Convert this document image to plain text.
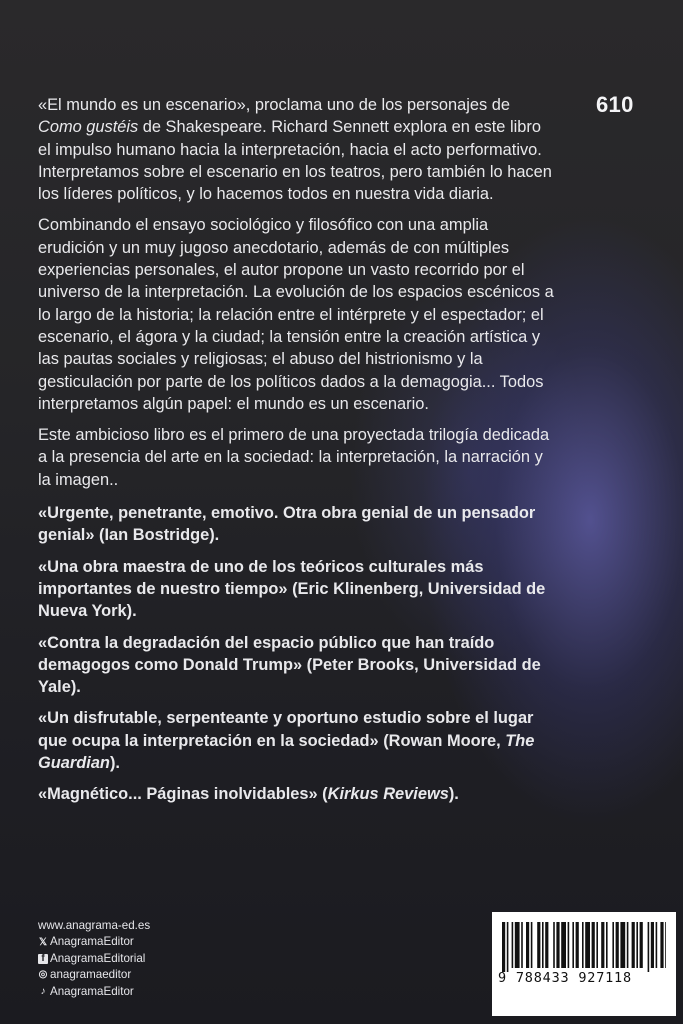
610

«El mundo es un escenario», proclama uno de los personajes de Como gustéis de Shakespeare. Richard Sennett explora en este libro el impulso humano hacia la interpretación, hacia el acto performativo. Interpretamos sobre el escenario en los teatros, pero también lo hacen los líderes políticos, y lo hacemos todos en nuestra vida diaria.

Combinando el ensayo sociológico y filosófico con una amplia erudición y un muy jugoso anecdotario, además de con múltiples experiencias personales, el autor propone un vasto recorrido por el universo de la interpretación. La evolución de los espacios escénicos a lo largo de la historia; la relación entre el intérprete y el espectador; el escenario, el ágora y la ciudad; la tensión entre la creación artística y las pautas sociales y religiosas; el abuso del histrionismo y la gesticulación por parte de los políticos dados a la demagogia... Todos interpretamos algún papel: el mundo es un escenario.

Este ambicioso libro es el primero de una proyectada trilogía dedicada a la presencia del arte en la sociedad: la interpretación, la narración y la imagen..

«Urgente, penetrante, emotivo. Otra obra genial de un pensador genial» (Ian Bostridge).

«Una obra maestra de uno de los teóricos culturales más importantes de nuestro tiempo» (Eric Klinenberg, Universidad de Nueva York).

«Contra la degradación del espacio público que han traído demagogos como Donald Trump» (Peter Brooks, Universidad de Yale).

«Un disfrutable, serpenteante y oportuno estudio sobre el lugar que ocupa la interpretación en la sociedad» (Rowan Moore, The Guardian).

«Magnético... Páginas inolvidables» (Kirkus Reviews).

www.anagrama-ed.es
𝕏 AnagramaEditor
f AnagramaEditorial
◎ anagramaeditor
♪ AnagramaEditor
9 788433 927118
